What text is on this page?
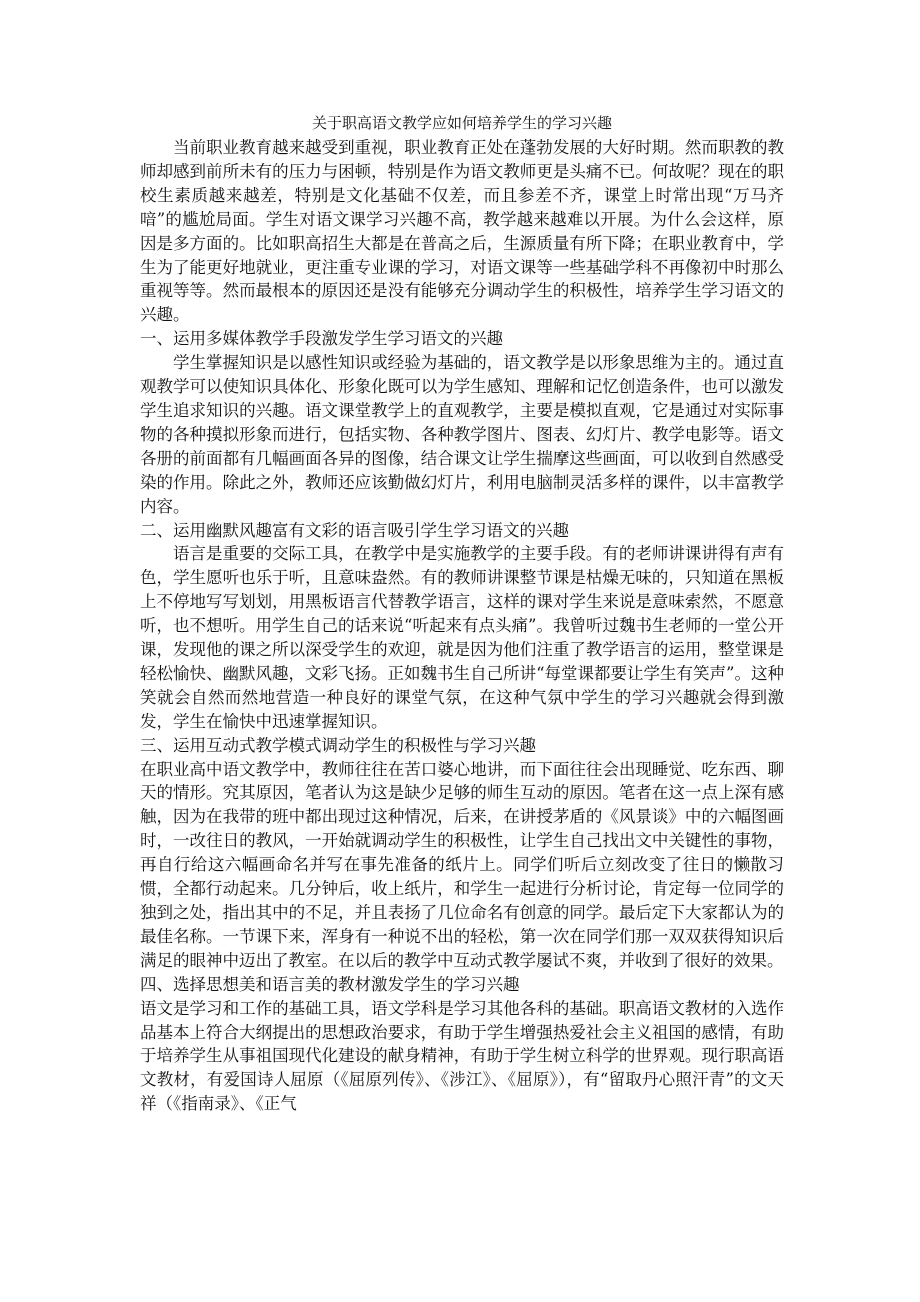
关于职高语文教学应如何培养学生的学习兴趣

当前职业教育越来越受到重视，职业教育正处在蓬勃发展的大好时期。然而职教的教师却感到前所未有的压力与困顿，特别是作为语文教师更是头痛不已。何故呢？现在的职校生素质越来越差，特别是文化基础不仅差，而且参差不齐，课堂上时常出现“万马齐喑”的尴尬局面。学生对语文课学习兴趣不高，教学越来越难以开展。为什么会这样，原因是多方面的。比如职高招生大都是在普高之后，生源质量有所下降；在职业教育中，学生为了能更好地就业，更注重专业课的学习，对语文课等一些基础学科不再像初中时那么重视等等。然而最根本的原因还是没有能够充分调动学生的积极性，培养学生学习语文的兴趣。

一、运用多媒体教学手段激发学生学习语文的兴趣

学生掌握知识是以感性知识或经验为基础的，语文教学是以形象思维为主的。通过直观教学可以使知识具体化、形象化既可以为学生感知、理解和记忆创造条件，也可以激发学生追求知识的兴趣。语文课堂教学上的直观教学，主要是模拟直观，它是通过对实际事物的各种摸拟形象而进行，包括实物、各种教学图片、图表、幻灯片、教学电影等。语文各册的前面都有几幅画面各异的图像，结合课文让学生揣摩这些画面，可以收到自然感受染的作用。除此之外，教师还应该勤做幻灯片，利用电脑制灵活多样的课件，以丰富教学内容。

二、运用幽默风趣富有文彩的语言吸引学生学习语文的兴趣

语言是重要的交际工具，在教学中是实施教学的主要手段。有的老师讲课讲得有声有色，学生愿听也乐于听，且意味盎然。有的教师讲课整节课是枯燥无味的，只知道在黑板上不停地写写划划，用黑板语言代替教学语言，这样的课对学生来说是意味索然，不愿意听，也不想听。用学生自己的话来说“听起来有点头痛”。我曾听过魏书生老师的一堂公开课，发现他的课之所以深受学生的欢迎，就是因为他们注重了教学语言的运用，整堂课是轻松愉快、幽默风趣，文彩飞扬。正如魏书生自己所讲“每堂课都要让学生有笑声”。这种笑就会自然而然地营造一种良好的课堂气氛，在这种气氛中学生的学习兴趣就会得到激发，学生在愉快中迅速掌握知识。

三、运用互动式教学模式调动学生的积极性与学习兴趣

在职业高中语文教学中，教师往往在苦口婆心地讲，而下面往往会出现睡觉、吃东西、聊天的情形。究其原因，笔者认为这是缺少足够的师生互动的原因。笔者在这一点上深有感触，因为在我带的班中都出现过这种情况，后来，在讲授茅盾的《风景谈》中的六幅图画时，一改往日的教风，一开始就调动学生的积极性，让学生自己找出文中关键性的事物，再自行给这六幅画命名并写在事先准备的纸片上。同学们听后立刻改变了往日的懒散习惯，全都行动起来。几分钟后，收上纸片，和学生一起进行分析讨论，肯定每一位同学的独到之处，指出其中的不足，并且表扬了几位命名有创意的同学。最后定下大家都认为的最佳名称。一节课下来，浑身有一种说不出的轻松，第一次在同学们那一双双获得知识后满足的眼神中迈出了教室。在以后的教学中互动式教学屡试不爽，并收到了很好的效果。

四、选择思想美和语言美的教材激发学生的学习兴趣

语文是学习和工作的基础工具，语文学科是学习其他各科的基础。职高语文教材的入选作品基本上符合大纲提出的思想政治要求，有助于学生增强热爱社会主义祖国的感情，有助于培养学生从事祖国现代化建设的献身精神，有助于学生树立科学的世界观。现行职高语文教材，有爱国诗人屈原（《屈原列传》、《涉江》、《屈原》），有“留取丹心照汗青”的文天祥（《指南录》、《正气
